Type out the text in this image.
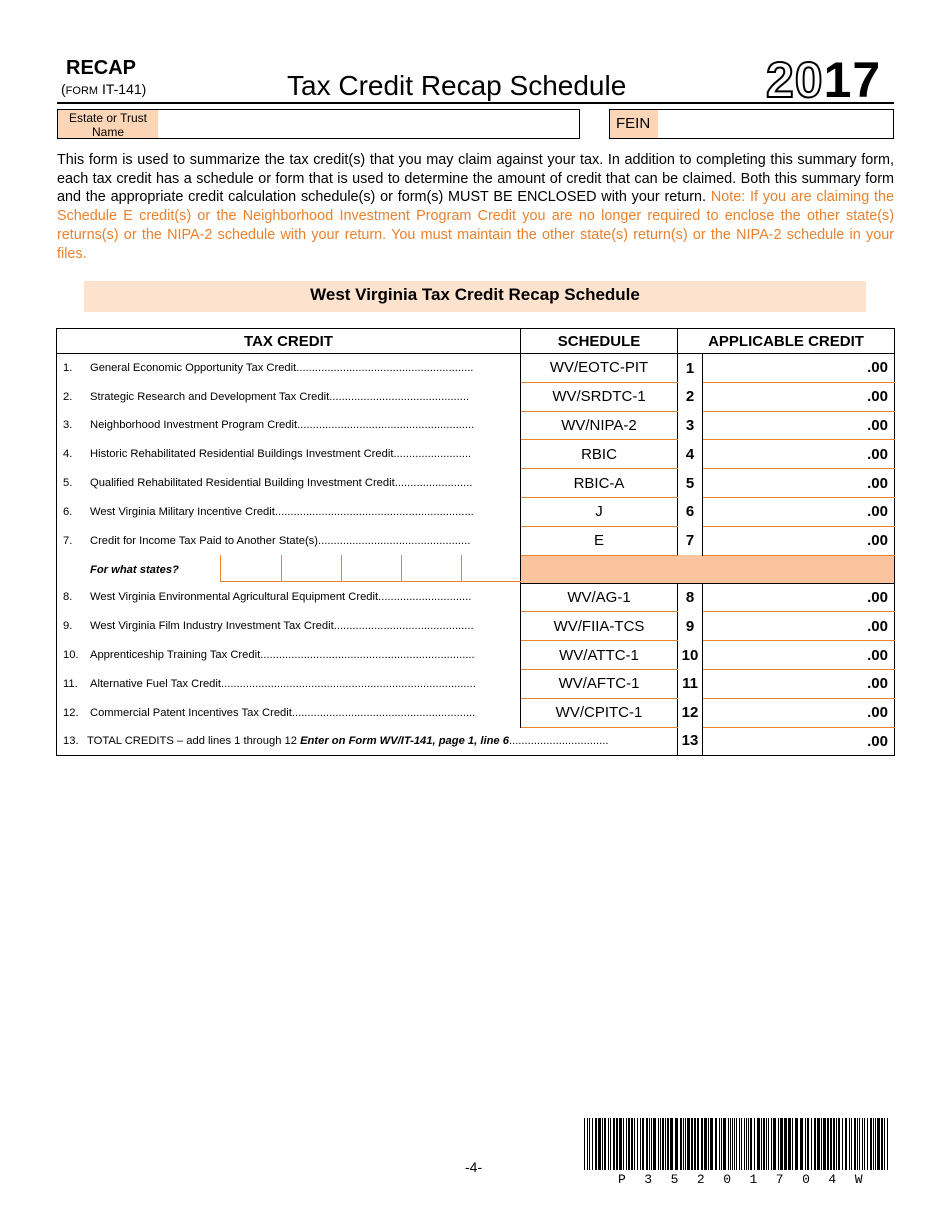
RECAP
(FORM IT-141)	Tax Credit Recap Schedule	2017
Estate or Trust Name	FEIN
This form is used to summarize the tax credit(s) that you may claim against your tax. In addition to completing this summary form, each tax credit has a schedule or form that is used to determine the amount of credit that can be claimed. Both this summary form and the appropriate credit calculation schedule(s) or form(s) MUST BE ENCLOSED with your return. Note: If you are claiming the Schedule E credit(s) or the Neighborhood Investment Program Credit you are no longer required to enclose the other state(s) returns(s) or the NIPA-2 schedule with your return. You must maintain the other state(s) return(s) or the NIPA-2 schedule in your files.
West Virginia Tax Credit Recap Schedule
TAX CREDIT	SCHEDULE	APPLICABLE CREDIT	
1. General Economic Opportunity Tax Credit.........................................................	WV/EOTC-PIT	1	.00
2. Strategic Research and Development Tax Credit.............................................	WV/SRDTC-1	2	.00
3. Neighborhood Investment Program Credit.........................................................	WV/NIPA-2	3	.00
4. Historic Rehabilitated Residential Buildings Investment Credit.........................	RBIC	4	.00
5. Qualified Rehabilitated Residential Building Investment Credit.........................	RBIC-A	5	.00
6. West Virginia Military Incentive Credit................................................................	J	6	.00
7. Credit for Income Tax Paid to Another State(s).................................................	E	7	.00

For what states?			

8. West Virginia Environmental Agricultural Equipment Credit..............................	WV/AG-1	8	.00
9. West Virginia Film Industry Investment Tax Credit.............................................	WV/FIIA-TCS	9	.00
10. Apprenticeship Training Tax Credit.....................................................................	WV/ATTC-1	10	.00
11. Alternative Fuel Tax Credit..................................................................................	WV/AFTC-1	11	.00
12. Commercial Patent Incentives Tax Credit...........................................................	WV/CPITC-1	12	.00
13. TOTAL CREDITS – add lines 1 through 12 Enter on Form WV/IT-141, page 1, line 6................................		13	.00
-4-
P35201704W
